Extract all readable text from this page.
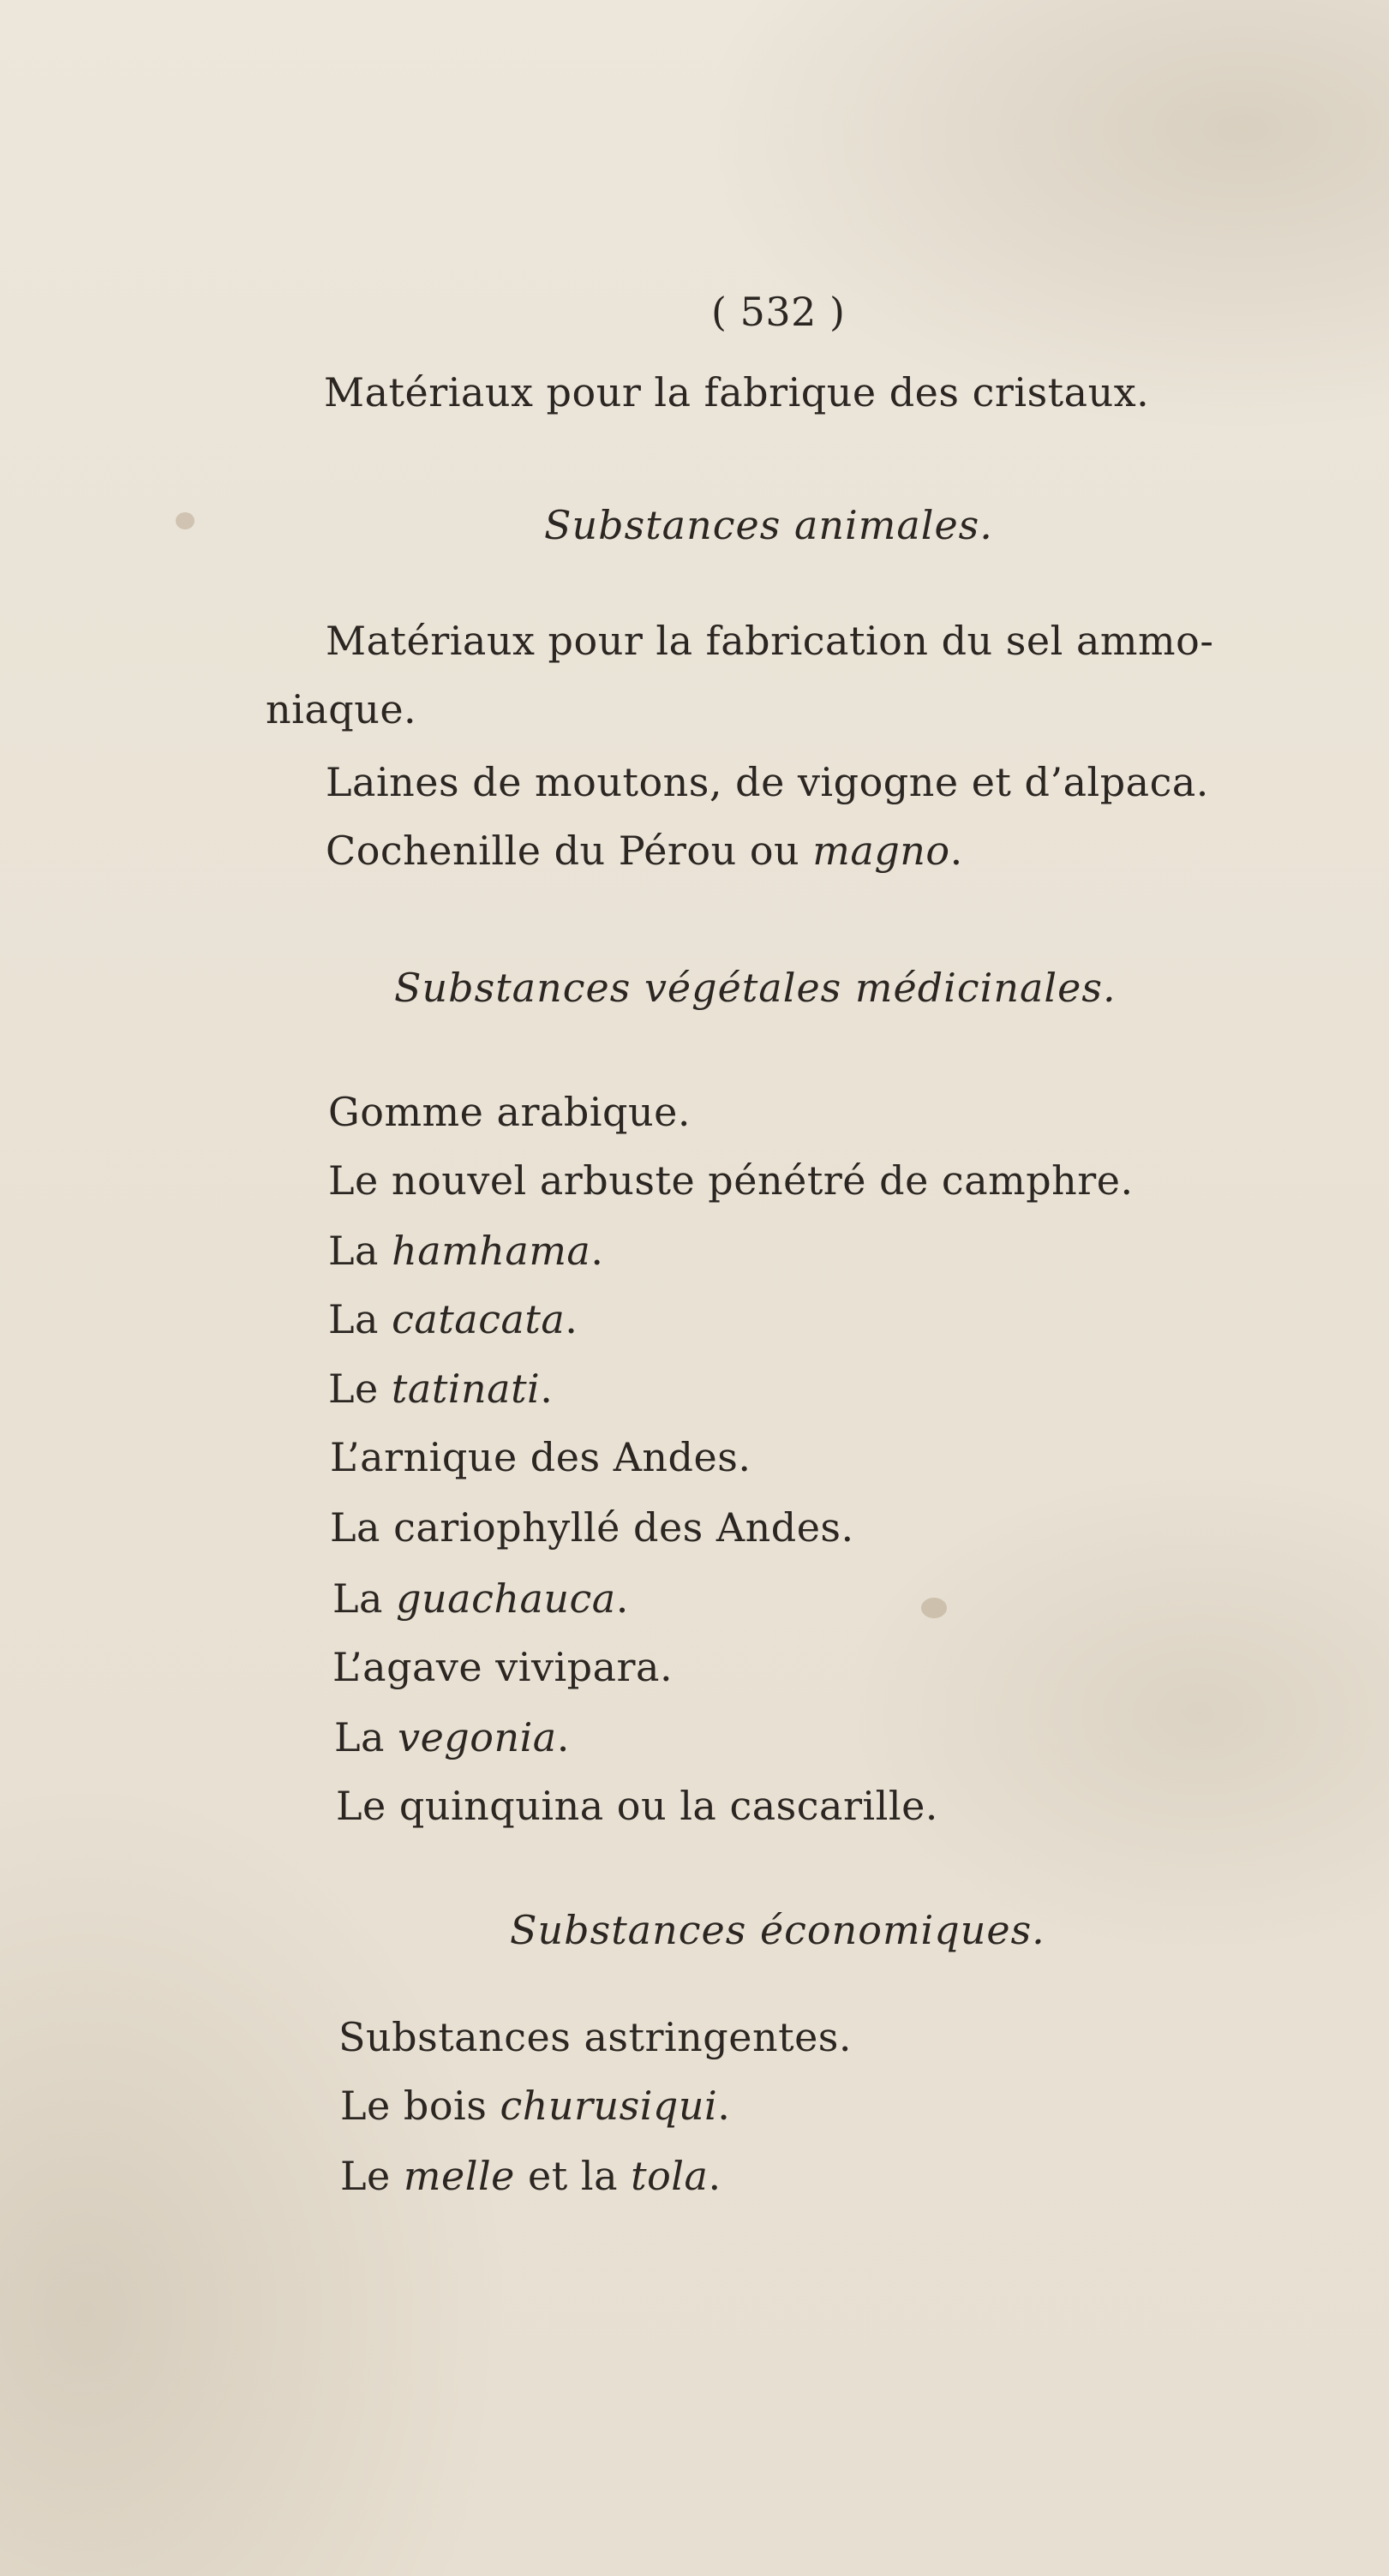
( 532 )
Matériaux pour la fabrique des cristaux.
Substances animales.
Matériaux pour la fabrication du sel ammo-
niaque.
Laines de moutons, de vigogne et d’alpaca.
Cochenille du Pérou ou magno.
Substances végétales médicinales.
Gomme arabique.
Le nouvel arbuste pénétré de camphre.
La hamhama.
La catacata.
Le tatinati.
L’arnique des Andes.
La cariophyllé des Andes.
La guachauca.
L’agave vivipara.
La vegonia.
Le quinquina ou la cascarille.
Substances économiques.
Substances astringentes.
Le bois churusiqui.
Le melle et la tola.
